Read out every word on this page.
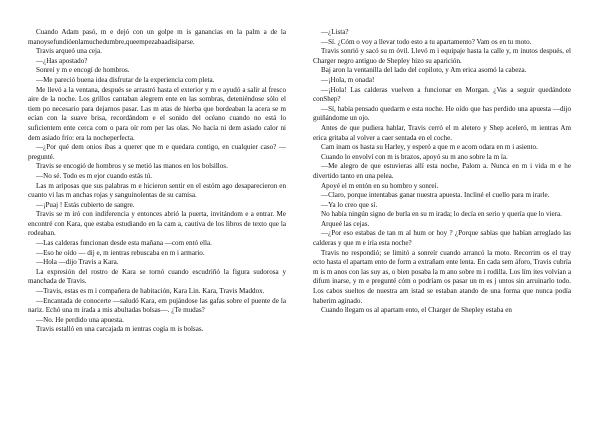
Cuando Adam pasó, m e dejó con un golpe m is ganancias en la palm a de la manoysefundióenlamuchedumbre,queempezabaadisiparse.

Travis arqueó una ceja.

—¿Has apostado?

Sonreí y m e encogí de hombros.

—Me pareció buena idea disfrutar de la experiencia com pleta.

Me llevó a la ventana, después se arrastró hasta el exterior y m e ayudó a salir al fresco aire de la noche. Los grillos cantaban alegrem ente en las sombras, deteniéndose sólo el tiem po necesario para dejarnos pasar. Las m atas de hierba que bordeaban la acera se m ecían con la suave brisa, recordándom e el sonido del océano cuando no está lo suficientem ente cerca com o para oír rom per las olas. No hacía ni dem asiado calor ni dem asiado frío: era la nocheperfecta.

—¿Por qué dem onios ibas a querer que m e quedara contigo, en cualquier caso? —pregunté.

Travis se encogió de hombros y se metió las manos en los bolsillos.

—No sé. Todo es m ejor cuando estás tú.

Las m ariposas que sus palabras m e hicieron sentir en el estóm ago desaparecieron en cuanto vi las m anchas rojas y sanguinolentas de su camisa.

—¡Puaj ! Estás cubierto de sangre.

Travis se m iró con indiferencia y entonces abrió la puerta, invitándom e a entrar. Me encontré con Kara, que estaba estudiando en la cam a, cautiva de los libros de texto que la rodeaban.

—Las calderas funcionan desde esta mañana —com entó ella.

—Eso he oído — dij e, m ientras rebuscaba en m i armario.

—Hola —dijo Travis a Kara.

La expresión del rostro de Kara se tornó cuando escudriñó la figura sudorosa y manchada de Travis.

—Travis, estas es m i compañera de habitación, Kara Lin. Kara, Travis Maddox.

—Encantada de conocerte —saludó Kara, em pujándose las gafas sobre el puente de la nariz. Echó una m irada a mis abultadas bolsas—. ¿Te mudas?

—No. He perdido una apuesta.

Travis estalló en una carcajada m ientras cogía m is bolsas.

—¿Lista?

—Sí. ¿Cóm o voy a llevar todo esto a tu apartamento? Vam os en tu moto.

Travis sonrió y sacó su m óvil. Llevó m i equipaje hasta la calle y, m inutos después, el Charger negro antiguo de Shepley hizo su aparición.

Baj aron la ventanilla del lado del copiloto, y Am erica asomó la cabeza.

—¡Hola, m onada!

—¡Hola! Las calderas vuelven a funcionar en Morgan. ¿Vas a seguir quedándote conShep?

—Sí, había pensado quedarm e esta noche. He oído que has perdido una apuesta —dijo guiñándome un ojo.

Antes de que pudiera hablar, Travis cerró el m aletero y Shep aceleró, m ientras Am erica gritaba al volver a caer sentada en el coche.

Cam inam os hasta su Harley, y esperó a que m e acom odara en m i asiento.

Cuando lo envolví con m is brazos, apoyó su m ano sobre la m ía.

—Me alegro de que estuvieras allí esta noche, Palom a. Nunca en m i vida m e he divertido tanto en una pelea.

Apoyé el m entón en su hombro y sonreí.

—Claro, porque intentabas ganar nuestra apuesta. Incliné el cuello para m irarle.

—Ya lo creo que sí.

No había ningún signo de burla en su m irada; lo decía en serio y quería que lo viera.

Arqueé las cejas.

—¿Por eso estabas de tan m al hum or hoy ? ¿Porque sabías que habían arreglado las calderas y que m e iría esta noche?

Travis no respondió; se limitó a sonreír cuando arrancó la moto. Recorrim os el tray ecto hasta el apartam ento de form a extrañam ente lenta. En cada sem áforo, Travis cubría m is m anos con las suy as, o bien posaba la m ano sobre m i rodilla. Los lím ites volvían a difum inarse, y m e pregunté cóm o podríam os pasar un m es j untos sin arruinarlo todo. Los cabos sueltos de nuestra am istad se estaban atando de una forma que nunca podía haberim aginado.

Cuando llegam os al apartam ento, el Charger de Shepley estaba en
